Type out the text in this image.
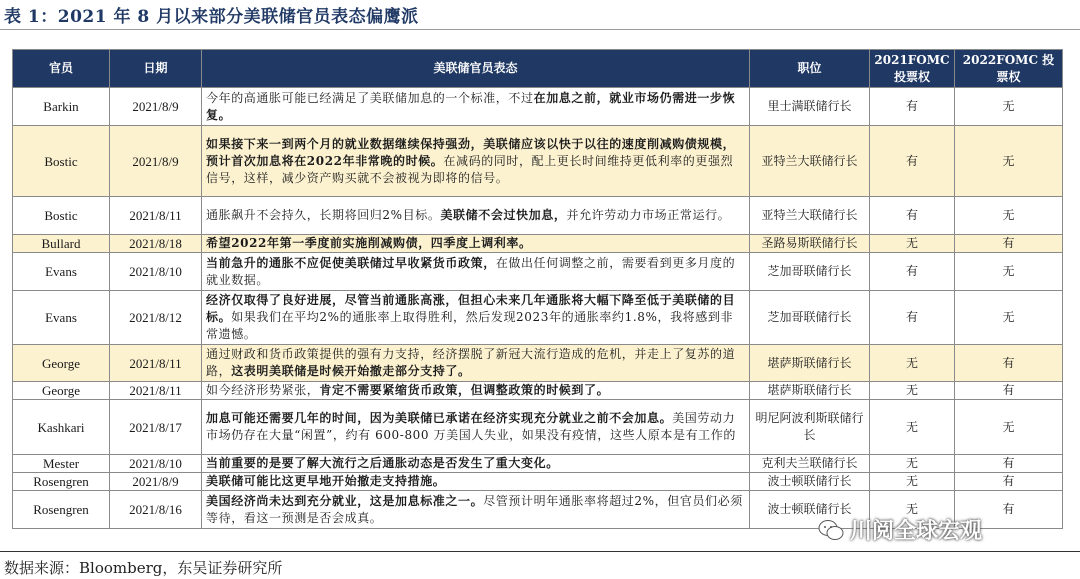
表 1：2021 年 8 月以来部分美联储官员表态偏鹰派
官员	日期	美联储官员表态	职位	2021FOMC 投票权	2022FOMC 投票权
Barkin	2021/8/9	今年的高通胀可能已经满足了美联储加息的一个标准，不过在加息之前，就业市场仍需进一步恢复。	里士满联储行长	有	无
Bostic	2021/8/9	如果接下来一到两个月的就业数据继续保持强劲，美联储应该以快于以往的速度削减购债规模，预计首次加息将在2022年非常晚的时候。在减码的同时，配上更长时间维持更低利率的更强烈信号，这样，减少资产购买就不会被视为即将的信号。	亚特兰大联储行长	有	无
Bostic	2021/8/11	通胀飙升不会持久，长期将回归2%目标。美联储不会过快加息，并允许劳动力市场正常运行。	亚特兰大联储行长	有	无
Bullard	2021/8/18	希望2022年第一季度前实施削减购债，四季度上调利率。	圣路易斯联储行长	无	有
Evans	2021/8/10	当前急升的通胀不应促使美联储过早收紧货币政策，在做出任何调整之前，需要看到更多月度的就业数据。	芝加哥联储行长	有	无
Evans	2021/8/12	经济仅取得了良好进展，尽管当前通胀高涨，但担心未来几年通胀将大幅下降至低于美联储的目标。如果我们在平均2%的通胀率上取得胜利，然后发现2023年的通胀率约1.8%，我将感到非常遗憾。	芝加哥联储行长	有	无
George	2021/8/11	通过财政和货币政策提供的强有力支持，经济摆脱了新冠大流行造成的危机，并走上了复苏的道路，这表明美联储是时候开始撤走部分支持了。	堪萨斯联储行长	无	有
George	2021/8/11	如今经济形势紧张，肯定不需要紧缩货币政策，但调整政策的时候到了。	堪萨斯联储行长	无	有
Kashkari	2021/8/17	加息可能还需要几年的时间，因为美联储已承诺在经济实现充分就业之前不会加息。美国劳动力市场仍存在大量“闲置”，约有 600-800 万美国人失业，如果没有疫情，这些人原本是有工作的	明尼阿波利斯联储行长	无	无
Mester	2021/8/10	当前重要的是要了解大流行之后通胀动态是否发生了重大变化。	克利夫兰联储行长	无	有
Rosengren	2021/8/9	美联储可能比这更早地开始撤走支持措施。	波士顿联储行长	无	有
Rosengren	2021/8/16	美国经济尚未达到充分就业，这是加息标准之一。尽管预计明年通胀率将超过2%，但官员们必须等待，看这一预测是否会成真。	波士顿联储行长	无	有
数据来源：Bloomberg，东吴证券研究所
川阅全球宏观
